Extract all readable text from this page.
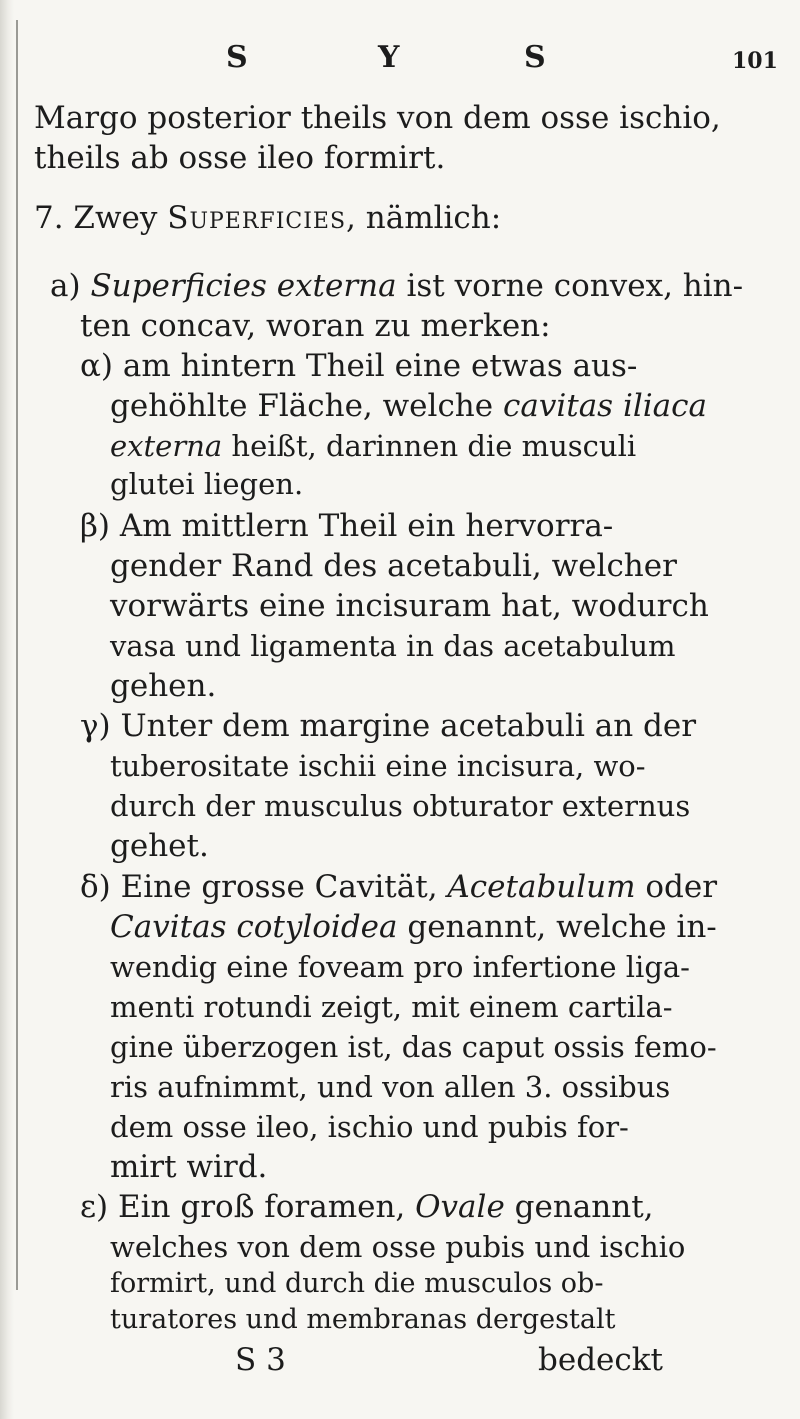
S	Y	S	101
Margo posterior theils von dem osse ischio,
theils ab osse ileo formirt.
7. Zwey Superficies, nämlich:
a) Superficies externa ist vorne convex, hin-
ten concav, woran zu merken:
α) am hintern Theil eine etwas aus-
gehöhlte Fläche, welche cavitas iliaca
externa heißt, darinnen die musculi
glutei liegen.
β) Am mittlern Theil ein hervorra-
gender Rand des acetabuli, welcher
vorwärts eine incisuram hat, wodurch
vasa und ligamenta in das acetabulum
gehen.
γ) Unter dem margine acetabuli an der
tuberositate ischii eine incisura, wo-
durch der musculus obturator externus
gehet.
δ) Eine grosse Cavität, Acetabulum oder
Cavitas cotyloidea genannt, welche in-
wendig eine foveam pro infertione liga-
menti rotundi zeigt, mit einem cartila-
gine überzogen ist, das caput ossis femo-
ris aufnimmt, und von allen 3. ossibus
dem osse ileo, ischio und pubis for-
mirt wird.
ε) Ein groß foramen, Ovale genannt,
welches von dem osse pubis und ischio
formirt, und durch die musculos ob-
turatores und membranas dergestalt
S 3	bedeckt
